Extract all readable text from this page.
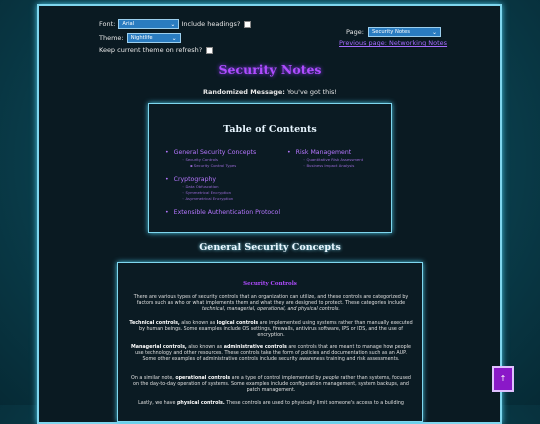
Font: Arial	⌄ Include headings?
Theme: Nightlife	⌄
Keep current theme on refresh?
Page: Security Notes	⌄
Previous page: Networking Notes
Security Notes
Randomized Message: You've got this!
Table of Contents
• General Security Concepts
◦ Security Controls
▪ Security Control Types
• Cryptography
◦ Data Obfuscation
◦ Symmetrical Encryption
◦ Asymmetrical Encryption
• Extensible Authentication Protocol
• Risk Management
◦ Quantitative Risk Assessment
◦ Business Impact Analysis
General Security Concepts
Security Controls
There are various types of security controls that an organization can utilize, and these controls are categorized by factors such as who or what implements them and what they are designed to protect. These categories include technical, managerial, operational, and physical controls.
Technical controls, also known as logical controls are implemented using systems rather than manually executed by human beings. Some examples include OS settings, firewalls, antivirus software, IPS or IDS, and the use of encryption.
Managerial controls, also known as administrative controls are controls that are meant to manage how people use technology and other resources. These controls take the form of policies and documentation such as an AUP. Some other examples of administrative controls include security awareness training and risk assessments.
On a similar note, operational controls are a type of control implemented by people rather than systems, focused on the day-to-day operation of systems. Some examples include configuration management, system backups, and patch management.
Lastly, we have physical controls. These controls are used to physically limit someone's access to a building
↑
